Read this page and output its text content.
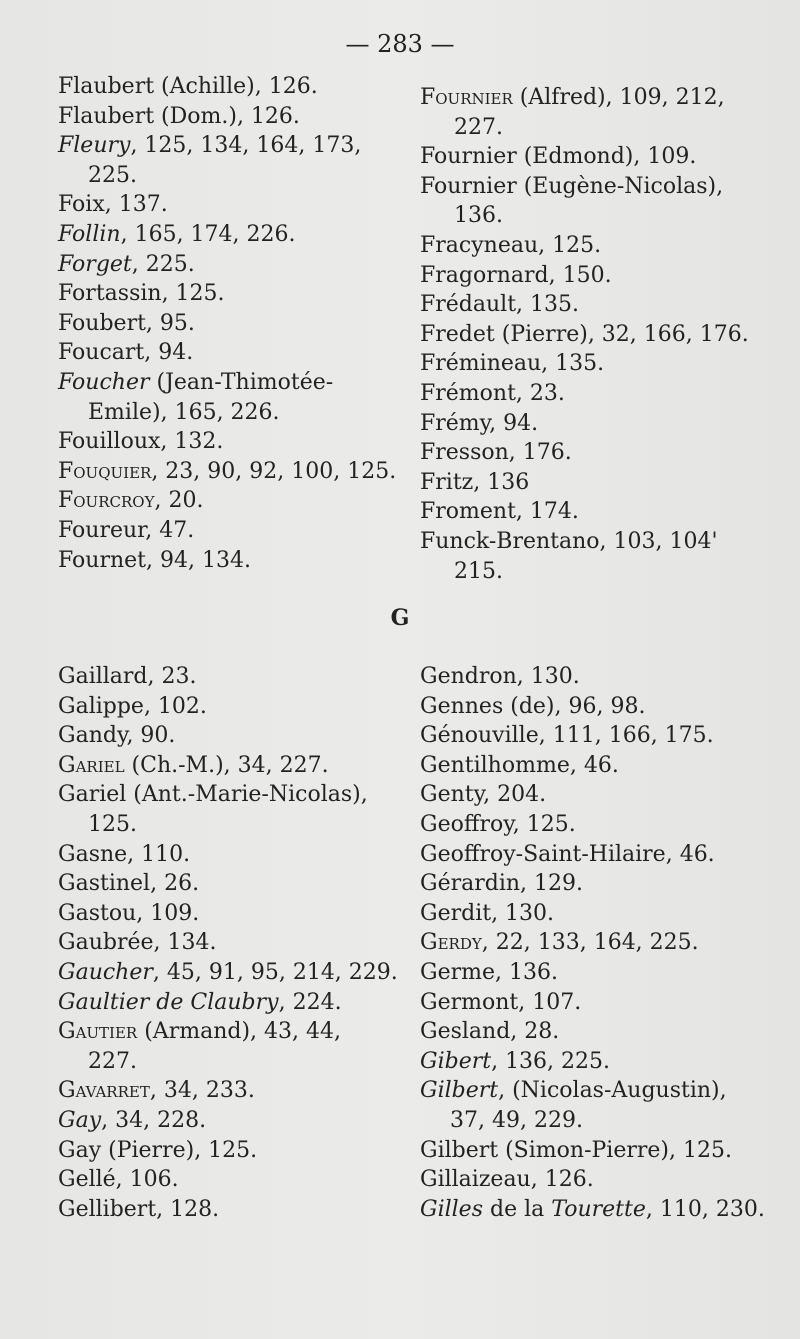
— 283 —
Flaubert (Achille), 126.
Flaubert (Dom.), 126.
Fleury, 125, 134, 164, 173,
225.
Foix, 137.
Follin, 165, 174, 226.
Forget, 225.
Fortassin, 125.
Foubert, 95.
Foucart, 94.
Foucher (Jean-Thimotée-
Emile), 165, 226.
Fouilloux, 132.
Fouquier, 23, 90, 92, 100, 125.
Fourcroy, 20.
Foureur, 47.
Fournet, 94, 134.
Fournier (Alfred), 109, 212,
227.
Fournier (Edmond), 109.
Fournier (Eugène-Nicolas),
136.
Fracyneau, 125.
Fragornard, 150.
Frédault, 135.
Fredet (Pierre), 32, 166, 176.
Frémineau, 135.
Frémont, 23.
Frémy, 94.
Fresson, 176.
Fritz, 136
Froment, 174.
Funck-Brentano, 103, 104'
215.
G
Gaillard, 23.
Galippe, 102.
Gandy, 90.
Gariel (Ch.-M.), 34, 227.
Gariel (Ant.-Marie-Nicolas),
125.
Gasne, 110.
Gastinel, 26.
Gastou, 109.
Gaubrée, 134.
Gaucher, 45, 91, 95, 214, 229.
Gaultier de Claubry, 224.
Gautier (Armand), 43, 44,
227.
Gavarret, 34, 233.
Gay, 34, 228.
Gay (Pierre), 125.
Gellé, 106.
Gellibert, 128.
Gendron, 130.
Gennes (de), 96, 98.
Génouville, 111, 166, 175.
Gentilhomme, 46.
Genty, 204.
Geoffroy, 125.
Geoffroy-Saint-Hilaire, 46.
Gérardin, 129.
Gerdit, 130.
Gerdy, 22, 133, 164, 225.
Germe, 136.
Germont, 107.
Gesland, 28.
Gibert, 136, 225.
Gilbert, (Nicolas-Augustin),
37, 49, 229.
Gilbert (Simon-Pierre), 125.
Gillaizeau, 126.
Gilles de la Tourette, 110, 230.
